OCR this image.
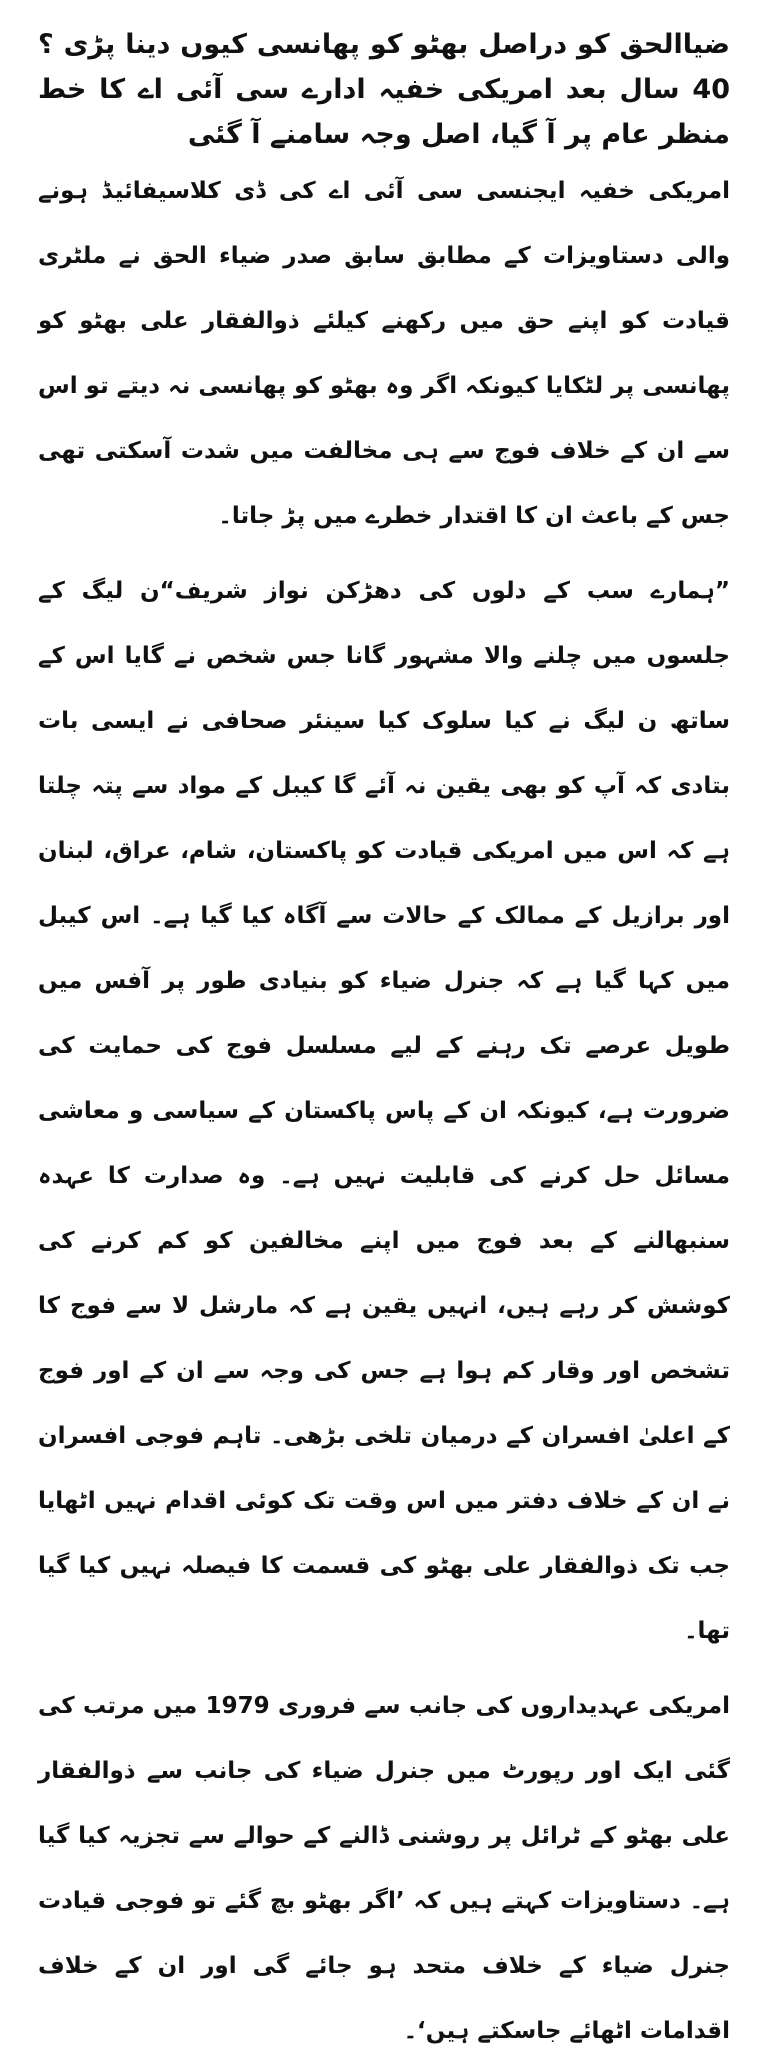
ضیاالحق کو دراصل بھٹو کو پھانسی کیوں دینا پڑی ؟40 سال بعد امریکی خفیہ ادارے سی آئی اے کا خط منظر عام پر آ گیا، اصل وجہ سامنے آ گئی

امریکی خفیہ ایجنسی سی آئی اے کی ڈی کلاسیفائیڈ ہونے والی دستاویزات کے مطابق سابق صدر ضیاء الحق نے ملٹری قیادت کو اپنے حق میں رکھنے کیلئے ذوالفقار علی بھٹو کو پھانسی پر لٹکایا کیونکہ اگر وہ بھٹو کو پھانسی نہ دیتے تو اس سے ان کے خلاف فوج سے ہی مخالفت میں شدت آسکتی تھی جس کے باعث ان کا اقتدار خطرے میں پڑ جاتا۔

”ہمارے سب کے دلوں کی دھڑکن نواز شریف“ن لیگ کے جلسوں میں چلنے والا مشہور گانا جس شخص نے گایا اس کے ساتھ ن لیگ نے کیا سلوک کیا سینئر صحافی نے ایسی بات بتادی کہ آپ کو بھی یقین نہ آئے گا کیبل کے مواد سے پتہ چلتا ہے کہ اس میں امریکی قیادت کو پاکستان، شام، عراق، لبنان اور برازیل کے ممالک کے حالات سے آگاہ کیا گیا ہے۔ اس کیبل میں کہا گیا ہے کہ جنرل ضیاء کو بنیادی طور پر آفس میں طویل عرصے تک رہنے کے لیے مسلسل فوج کی حمایت کی ضرورت ہے، کیونکہ ان کے پاس پاکستان کے سیاسی و معاشی مسائل حل کرنے کی قابلیت نہیں ہے۔ وہ صدارت کا عہدہ سنبھالنے کے بعد فوج میں اپنے مخالفین کو کم کرنے کی کوشش کر رہے ہیں، انہیں یقین ہے کہ مارشل لا سے فوج کا تشخص اور وقار کم ہوا ہے جس کی وجہ سے ان کے اور فوج کے اعلیٰ افسران کے درمیان تلخی بڑھی۔ تاہم فوجی افسران نے ان کے خلاف دفتر میں اس وقت تک کوئی اقدام نہیں اٹھایا جب تک ذوالفقار علی بھٹو کی قسمت کا فیصلہ نہیں کیا گیا تھا۔

امریکی عہدیداروں کی جانب سے فروری 1979 میں مرتب کی گئی ایک اور رپورٹ میں جنرل ضیاء کی جانب سے ذوالفقار علی بھٹو کے ٹرائل پر روشنی ڈالنے کے حوالے سے تجزیہ کیا گیا ہے۔ دستاویزات کہتے ہیں کہ ’اگر بھٹو بچ گئے تو فوجی قیادت جنرل ضیاء کے خلاف متحد ہو جائے گی اور ان کے خلاف اقدامات اٹھائے جاسکتے ہیں‘۔
